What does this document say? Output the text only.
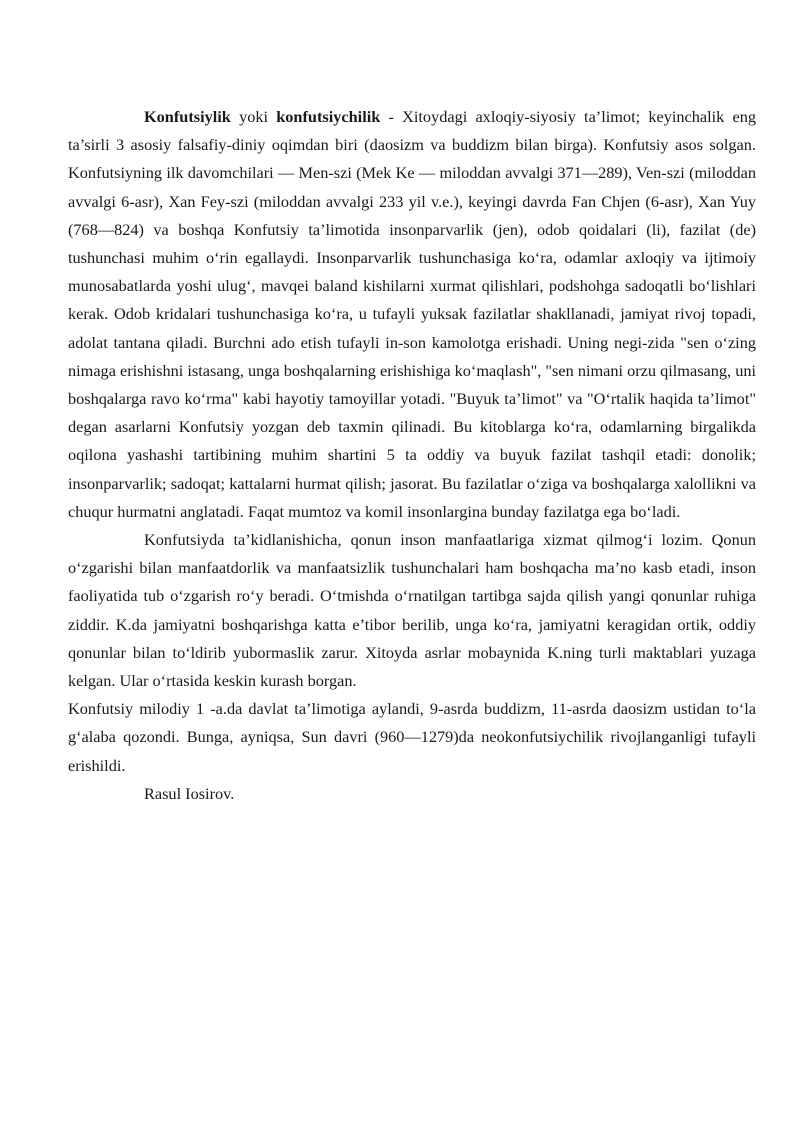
Konfutsiylik yoki konfutsiychilik - Xitoydagi axloqiy-siyosiy ta’limot; keyinchalik eng ta’sirli 3 asosiy falsafiy-diniy oqimdan biri (daosizm va buddizm bilan birga). Konfutsiy asos solgan. Konfutsiyning ilk davomchilari — Men-szi (Mek Ke — miloddan avvalgi 371—289), Ven-szi (miloddan avvalgi 6-asr), Xan Fey-szi (miloddan avvalgi 233 yil v.e.), keyingi davrda Fan Chjen (6-asr), Xan Yuy (768—824) va boshqa Konfutsiy ta’limotida insonparvarlik (jen), odob qoidalari (li), fazilat (de) tushunchasi muhim o‘rin egallaydi. Insonparvarlik tushunchasiga ko‘ra, odamlar axloqiy va ijtimoiy munosabatlarda yoshi ulug‘, mavqei baland kishilarni xurmat qilishlari, podshohga sadoqatli bo‘lishlari kerak. Odob kridalari tushunchasiga ko‘ra, u tufayli yuksak fazilatlar shakllanadi, jamiyat rivoj topadi, adolat tantana qiladi. Burchni ado etish tufayli in-son kamolotga erishadi. Uning negi-zida "sen o‘zing nimaga erishishni istasang, unga boshqalarning erishishiga ko‘maqlash", "sen nimani orzu qilmasang, uni boshqalarga ravo ko‘rma" kabi hayotiy tamoyillar yotadi. "Buyuk ta’limot" va "O‘rtalik haqida ta’limot" degan asarlarni Konfutsiy yozgan deb taxmin qilinadi. Bu kitoblarga ko‘ra, odamlarning birgalikda oqilona yashashi tartibining muhim shartini 5 ta oddiy va buyuk fazilat tashqil etadi: donolik; insonparvarlik; sadoqat; kattalarni hurmat qilish; jasorat. Bu fazilatlar o‘ziga va boshqalarga xalollikni va chuqur hurmatni anglatadi. Faqat mumtoz va komil insonlargina bunday fazilatga ega bo‘ladi.

Konfutsiyda ta’kidlanishicha, qonun inson manfaatlariga xizmat qilmog‘i lozim. Qonun o‘zgarishi bilan manfaatdorlik va manfaatsizlik tushunchalari ham boshqacha ma’no kasb etadi, inson faoliyatida tub o‘zgarish ro‘y beradi. O‘tmishda o‘rnatilgan tartibga sajda qilish yangi qonunlar ruhiga ziddir. K.da jamiyatni boshqarishga katta e’tibor berilib, unga ko‘ra, jamiyatni keragidan ortik, oddiy qonunlar bilan to‘ldirib yubormaslik zarur. Xitoyda asrlar mobaynida K.ning turli maktablari yuzaga kelgan. Ular o‘rtasida keskin kurash borgan.

Konfutsiy milodiy 1 -a.da davlat ta’limotiga aylandi, 9-asrda buddizm, 11-asrda daosizm ustidan to‘la g‘alaba qozondi. Bunga, ayniqsa, Sun davri (960—1279)da neokonfutsiychilik rivojlanganligi tufayli erishildi.

Rasul Iosirov.
